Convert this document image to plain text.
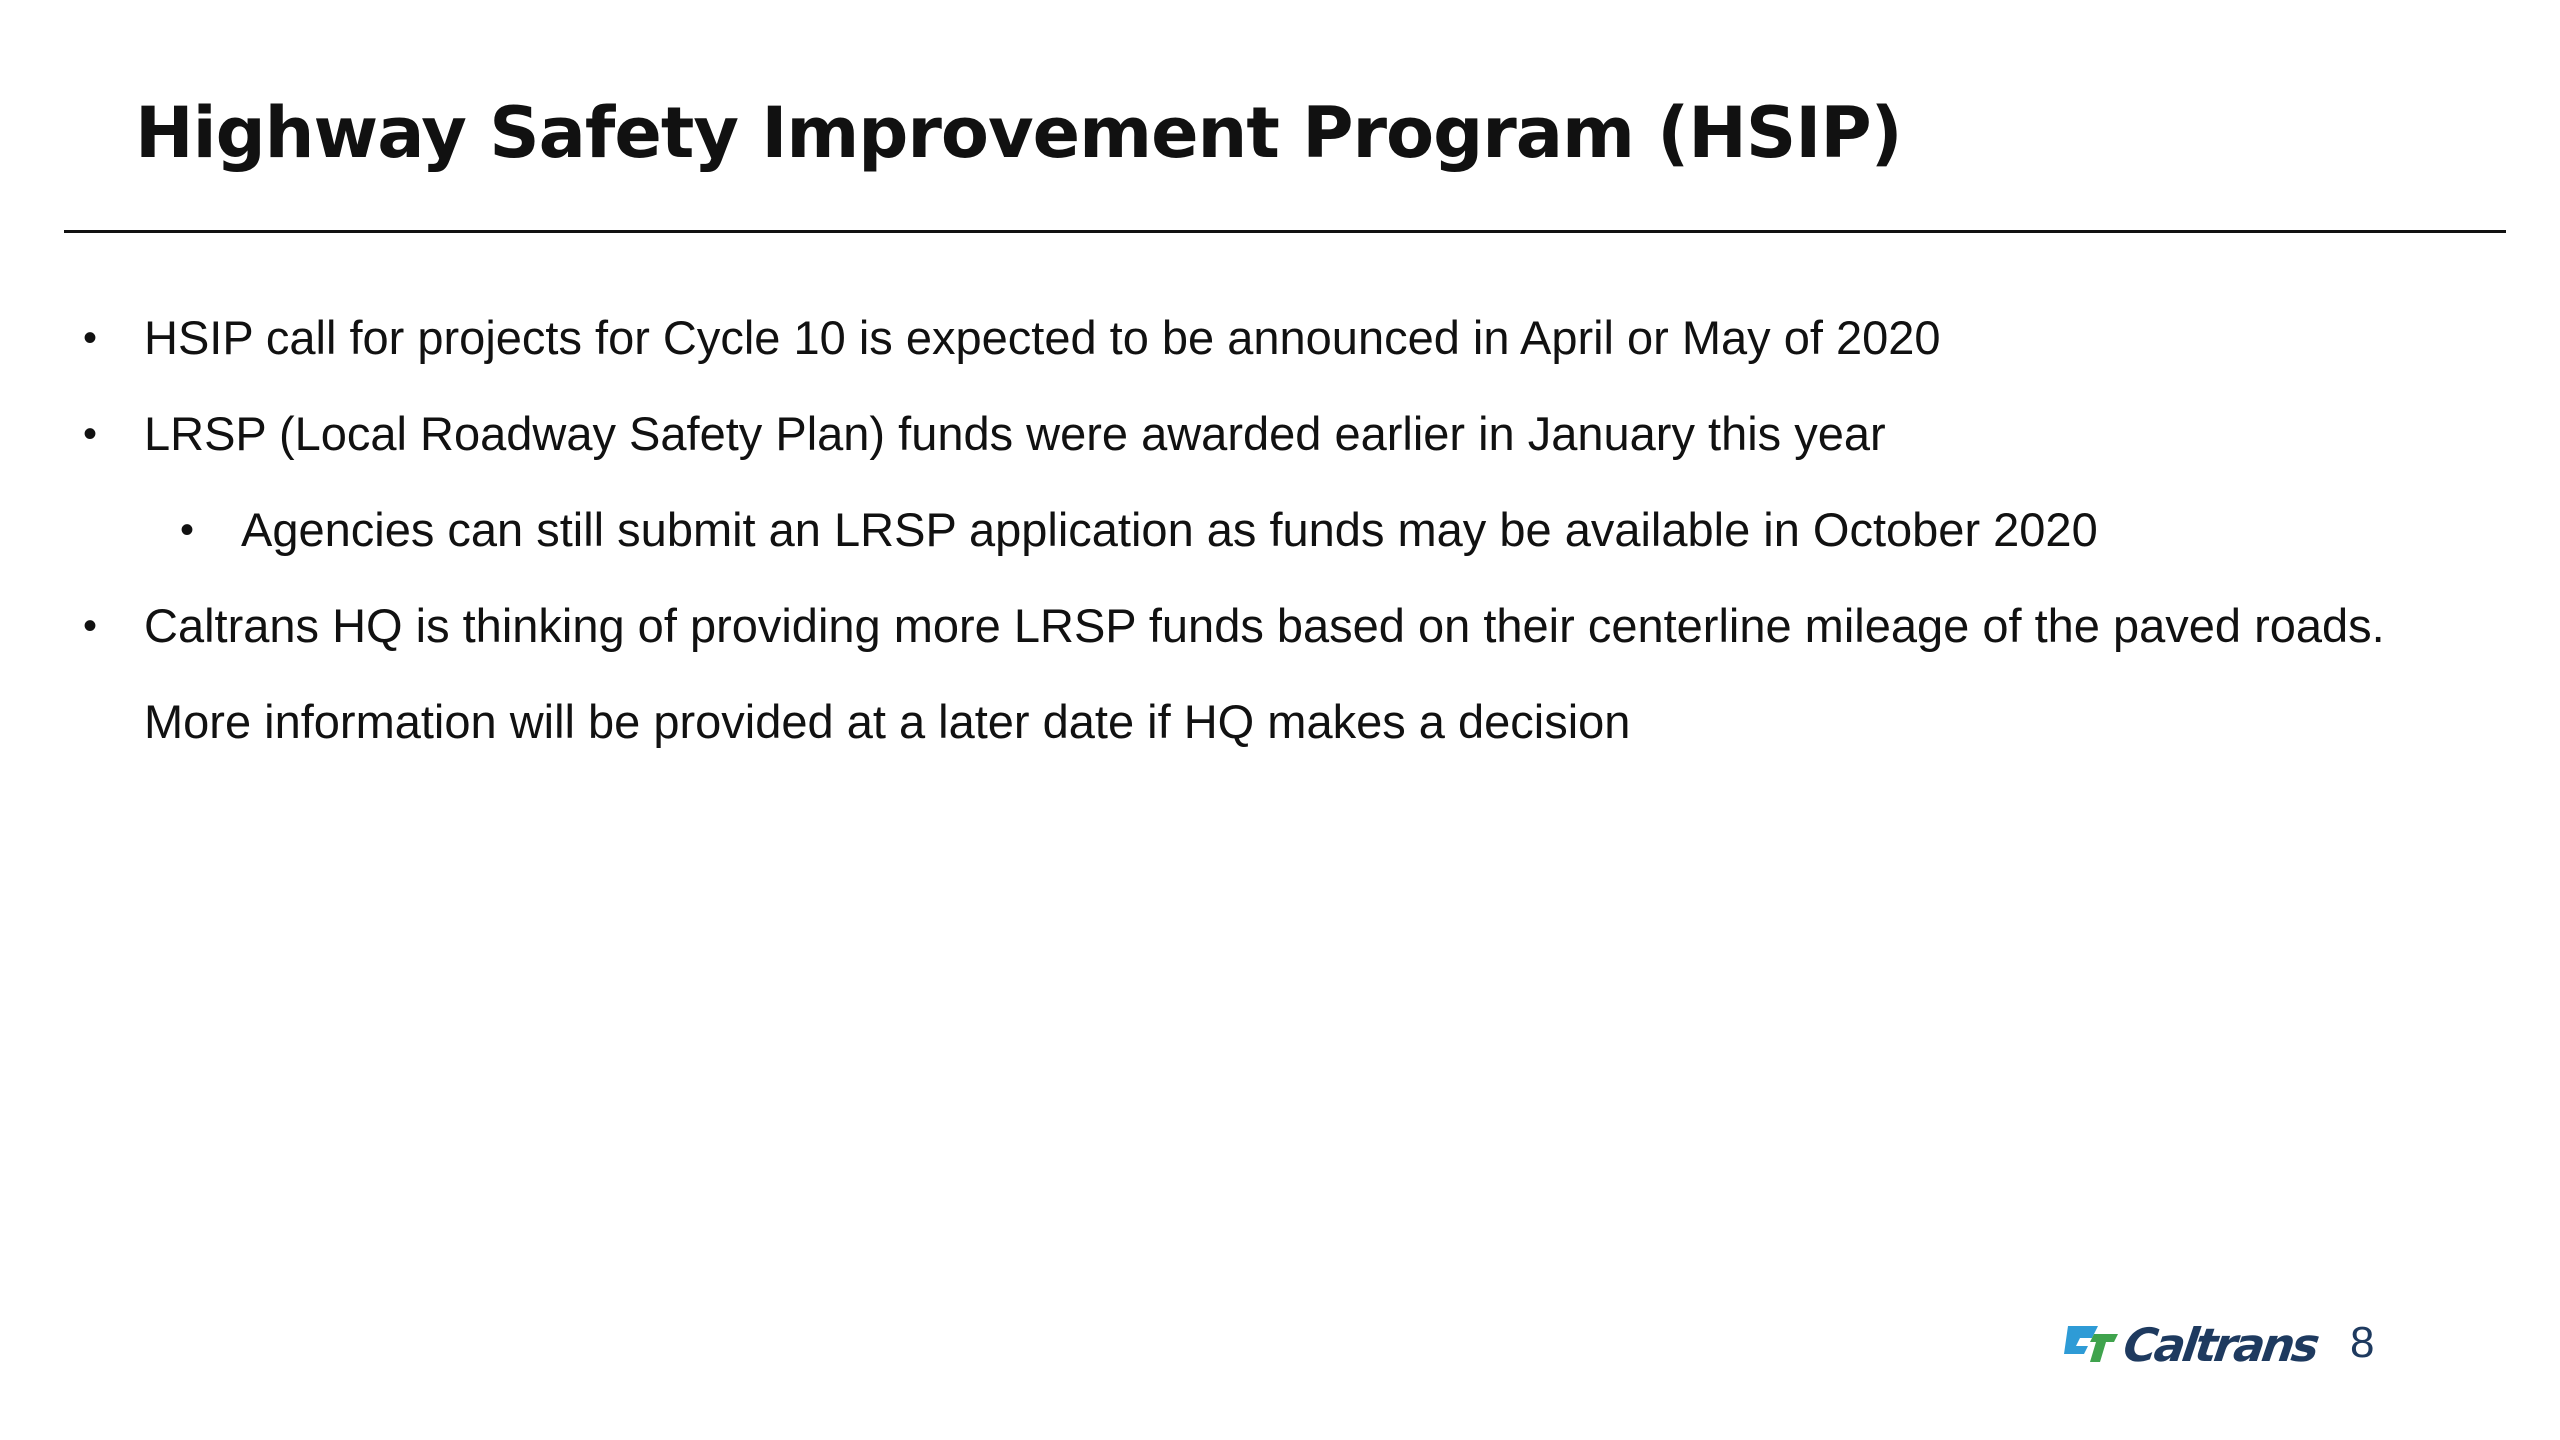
Highway Safety Improvement Program (HSIP)
• HSIP call for projects for Cycle 10 is expected to be announced in April or May of 2020
• LRSP (Local Roadway Safety Plan) funds were awarded earlier in January this year
• Agencies can still submit an LRSP application as funds may be available in October 2020
• Caltrans HQ is thinking of providing more LRSP funds based on their centerline mileage of the paved roads. More information will be provided at a later date if HQ makes a decision
Caltrans 8
